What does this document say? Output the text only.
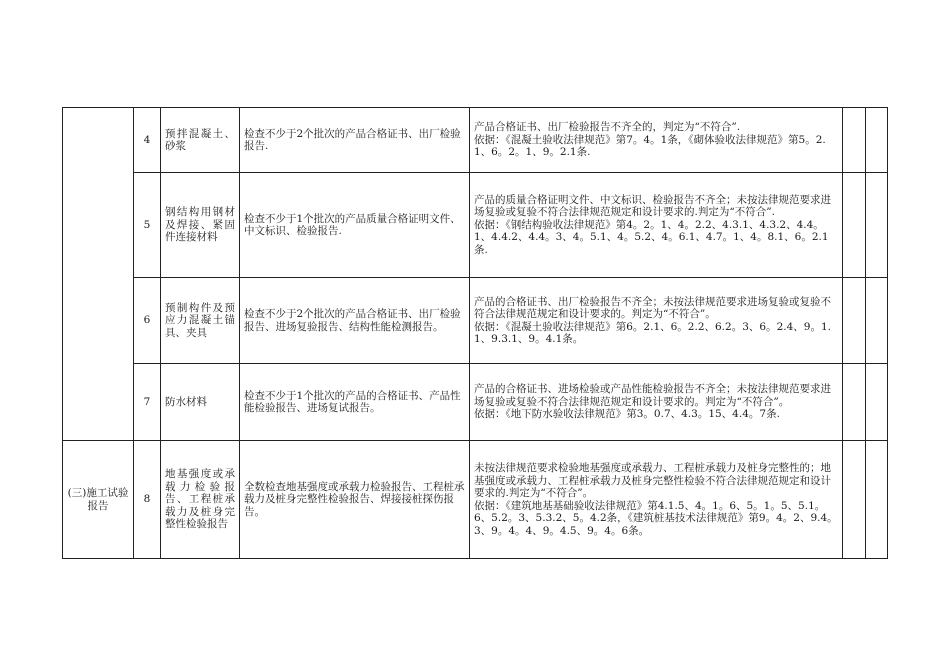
	4	预拌混凝土、砂浆	检查不少于2个批次的产品合格证书、出厂检验报告.	产品合格证书、出厂检验报告不齐全的，判定为“不符合”.

依据：《混凝土验收法律规范》第7。4。1条，《砌体验收法律规范》第5。2.1、6。2。1、9。2.1条.		

	5	钢结构用钢材及焊接、紧固件连接材料	检查不少于1个批次的产品质量合格证明文件、中文标识、检验报告.	产品的质量合格证明文件、中文标识、检验报告不齐全；未按法律规范要求进场复验或复验不符合法律规范规定和设计要求的.判定为“不符合”.

依据：《钢结构验收法律规范》第4。2。1、4。2.2、4.3.1、4.3.2、4.4。1、4.4.2、4.4。3、4。5.1、4。5.2、4。6.1、4.7。1、4。8.1、6。2.1条.		

	6	预制构件及预应力混凝土锚具、夹具	检查不少于2个批次的产品合格证书、出厂检验报告、进场复验报告、结构性能检测报告。	产品的合格证书、出厂检验报告不齐全；未按法律规范要求进场复验或复验不符合法律规范规定和设计要求的。判定为“不符合”。

依据：《混凝土验收法律规范》第6。2.1、6。2.2、6.2。3、6。2.4、9。1.1、9.3.1、9。4.1条。		

	7	防水材料	检查不少于1个批次的产品的合格证书、产品性能检验报告、进场复试报告。	产品的合格证书、进场检验或产品性能检验报告不齐全；未按法律规范要求进场复验或复验不符合法律规范规定和设计要求的。判定为“不符合”。

依据：《地下防水验收法律规范》第3。0.7、4.3。15、4.4。7条.		

(三)施工试验报告	8	地基强度或承载力检验报告、工程桩承载力及桩身完整性检验报告	全数检查地基强度或承载力检验报告、工程桩承载力及桩身完整性检验报告、焊接接桩探伤报告。	未按法律规范要求检验地基强度或承载力、工程桩承载力及桩身完整性的；地基强度或承载力、工程桩承载力及桩身完整性检验不符合法律规范规定和设计要求的.判定为“不符合”。

依据：《建筑地基基础验收法律规范》第4.1.5、4。1。6、5。1。5、5.1。6、5.2。3、5.3.2、5。4.2条，《建筑桩基技术法律规范》第9。4。2、9.4。3、9。4。4、9。4.5、9。4。6条。		
